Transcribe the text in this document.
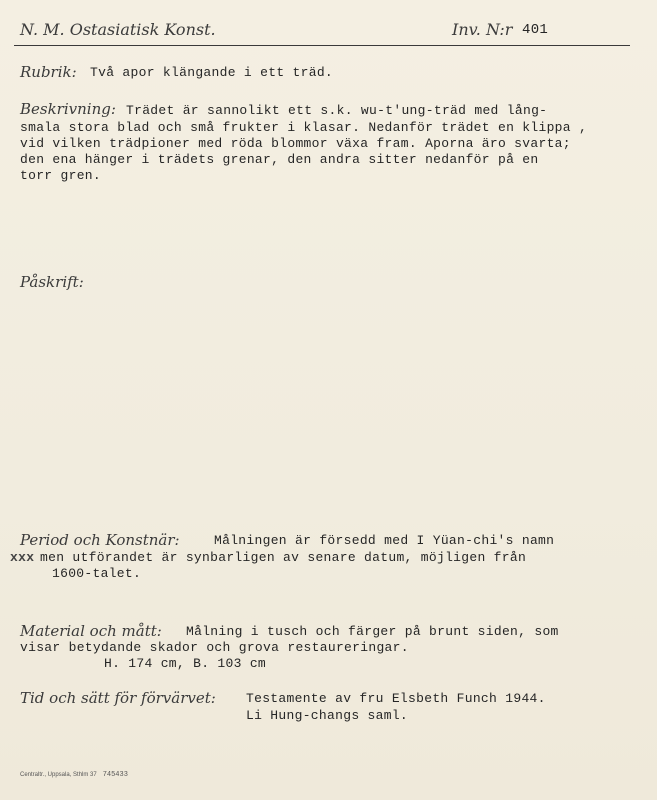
N. M. Ostasiatisk Konst.	Inv. N:r 401
Rubrik: Två apor klängande i ett träd.
Beskrivning: Trädet är sannolikt ett s.k. wu-t'ung-träd med lång-
smala stora blad och små frukter i klasar. Nedanför trädet en klippa ,
vid vilken trädpioner med röda blommor växa fram. Aporna äro svarta;
den ena hänger i trädets grenar, den andra sitter nedanför på en
torr gren.
Påskrift:
Period och Konstnär:	Målningen är försedd med I Yüan-chi's namn
xxx men utförandet är synbarligen av senare datum, möjligen från
1600-talet.
Material och mått: Målning i tusch och färger på brunt siden, som
visar betydande skador och grova restaureringar.
H. 174 cm, B. 103 cm
Tid och sätt för förvärvet: Testamente av fru Elsbeth Funch 1944.
Li Hung-changs saml.
Centraltr., Uppsala, Sthlm 37 745433
